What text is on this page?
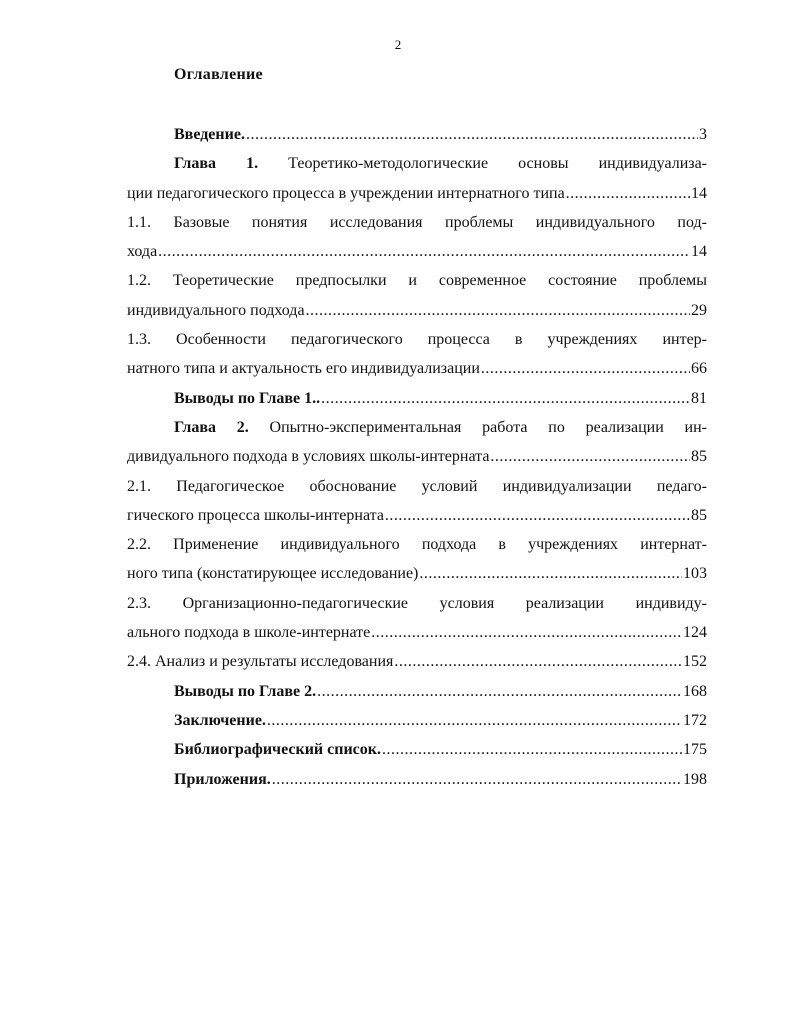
2
Оглавление
Введение. .....	3
Глава 1. Теоретико-методологические основы индивидуализа-
ции педагогического процесса в учреждении интернатного типа .....	14
1.1. Базовые понятия исследования проблемы индивидуального под-
хода .....	14
1.2. Теоретические предпосылки и современное состояние проблемы
индивидуального подхода .....	29
1.3. Особенности педагогического процесса в учреждениях интер-
натного типа и актуальность его индивидуализации .....	66
Выводы по Главе 1.. .....	81
Глава 2. Опытно-экспериментальная работа по реализации ин-
дивидуального подхода в условиях школы-интерната .....	85
2.1. Педагогическое обоснование условий индивидуализации педаго-
гического процесса школы-интерната .....	85
2.2. Применение индивидуального подхода в учреждениях интернат-
ного типа (констатирующее исследование) .....	103
2.3. Организационно-педагогические условия реализации индивиду-
ального подхода в школе-интернате .....	124
2.4. Анализ и результаты исследования .....	152
Выводы по Главе 2. .....	168
Заключение. .....	172
Библиографический список. .....	175
Приложения. .....	198
